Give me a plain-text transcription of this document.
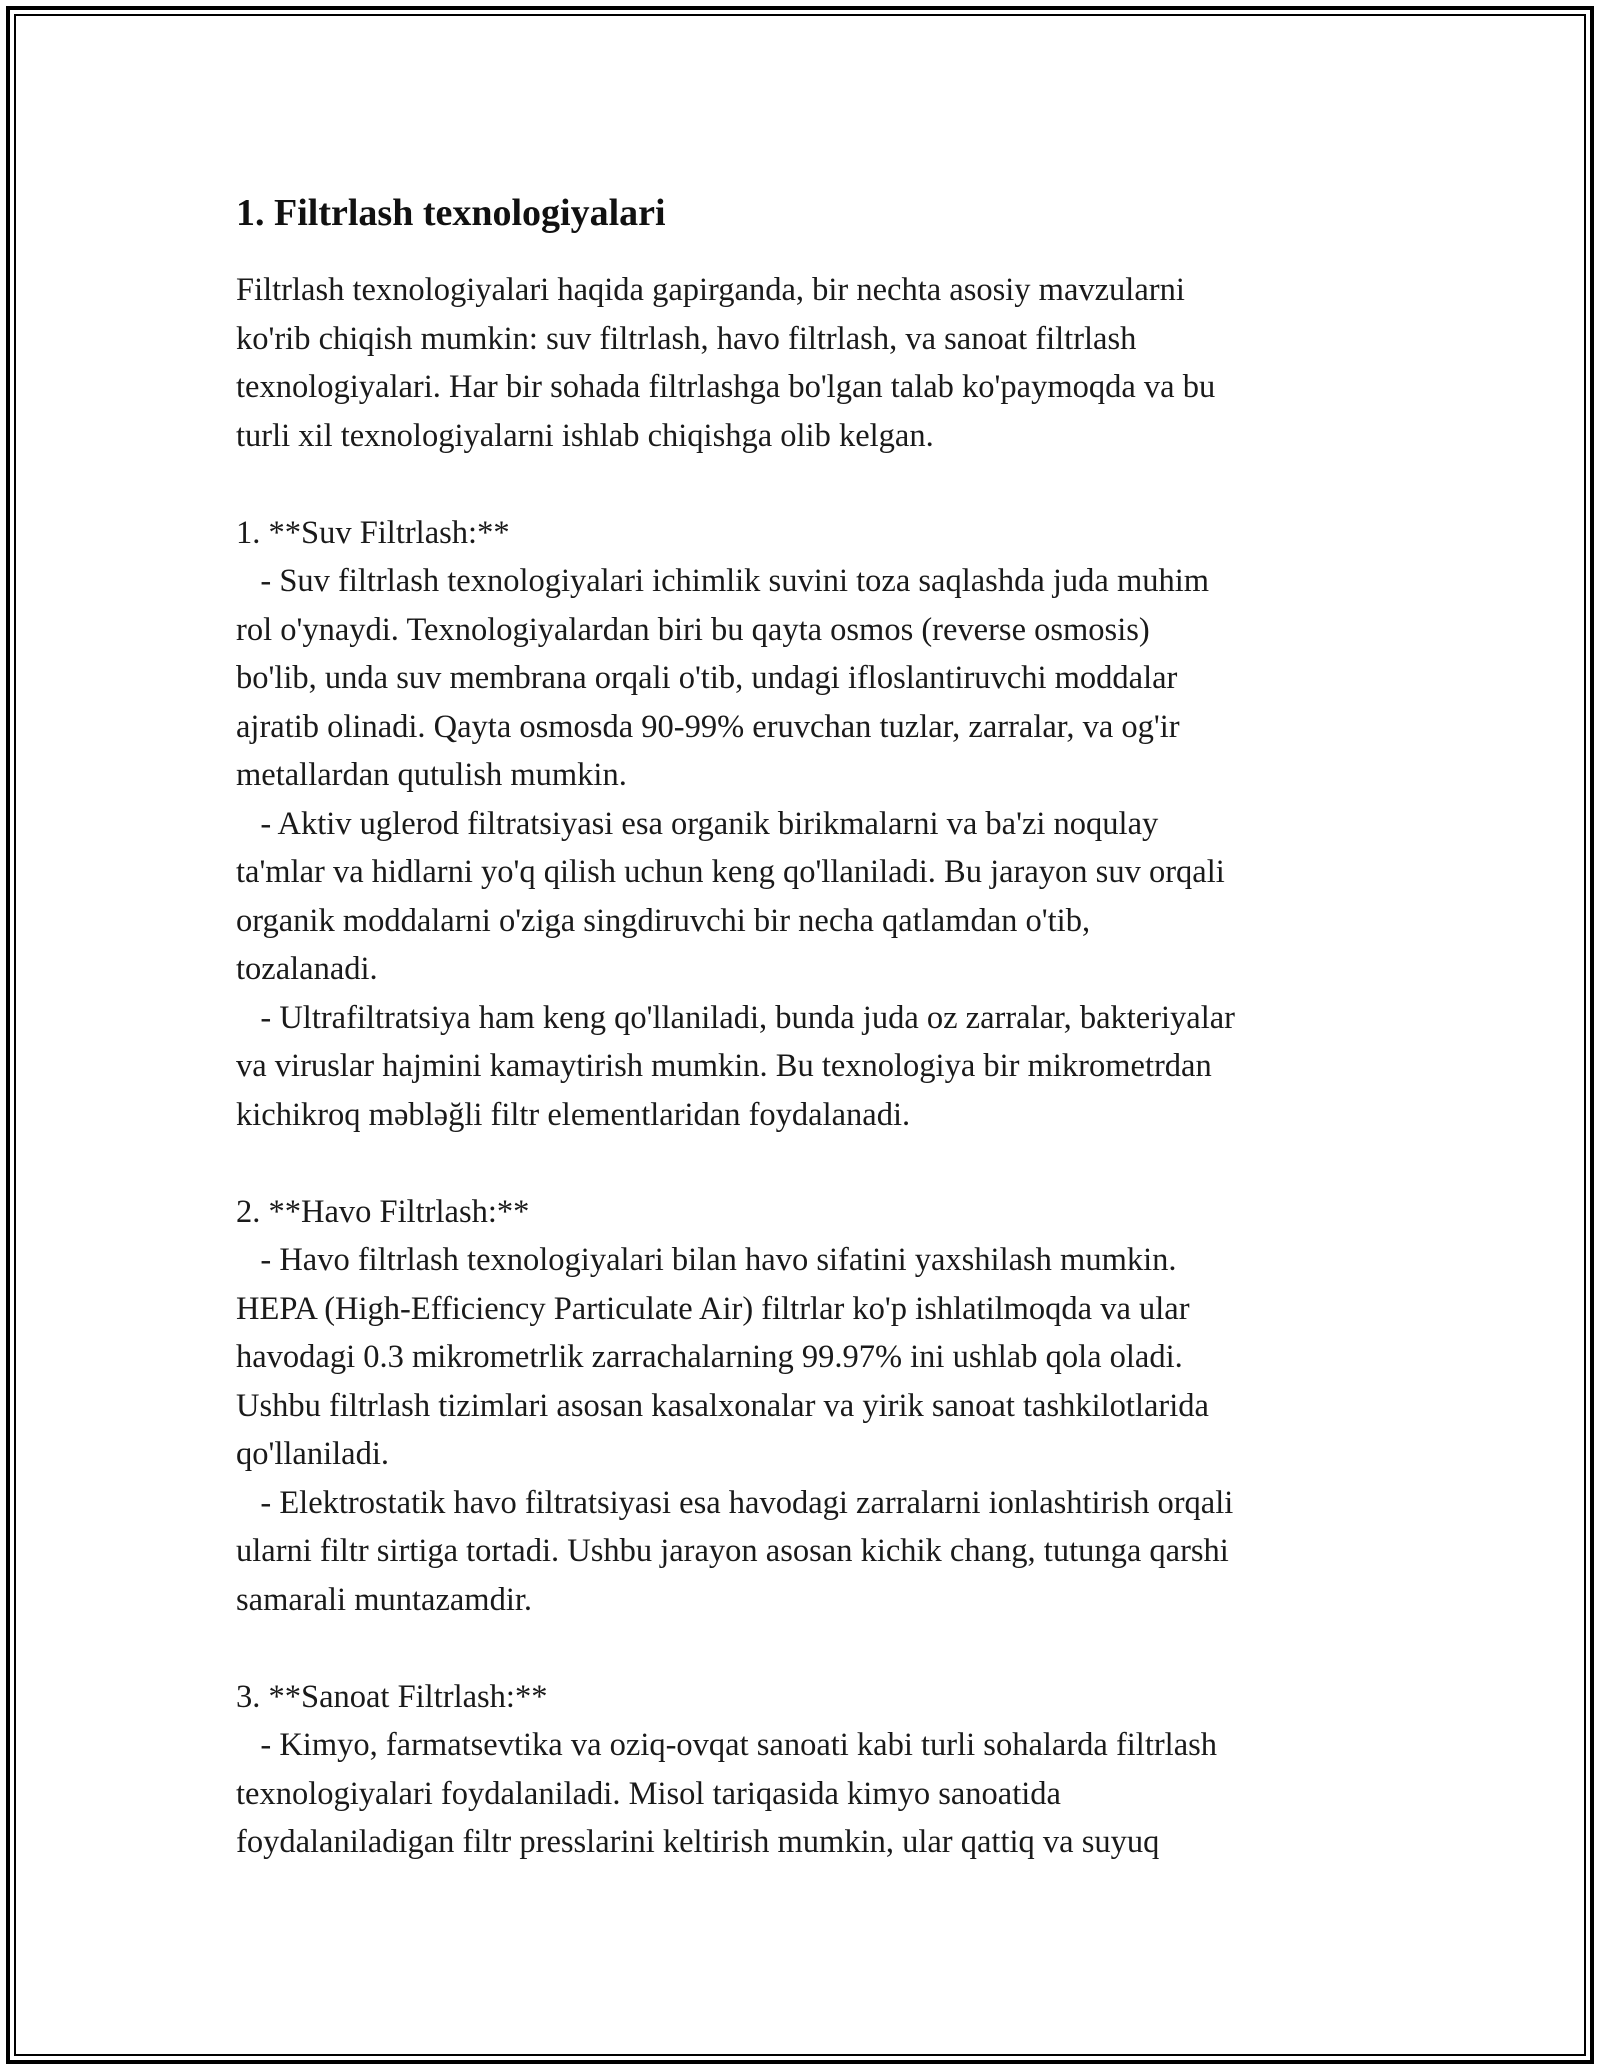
1. Filtrlash texnologiyalari

Filtrlash texnologiyalari haqida gapirganda, bir nechta asosiy mavzularni
ko'rib chiqish mumkin: suv filtrlash, havo filtrlash, va sanoat filtrlash
texnologiyalari. Har bir sohada filtrlashga bo'lgan talab ko'paymoqda va bu
turli xil texnologiyalarni ishlab chiqishga olib kelgan.

1. **Suv Filtrlash:**

- Suv filtrlash texnologiyalari ichimlik suvini toza saqlashda juda muhim
rol o'ynaydi. Texnologiyalardan biri bu qayta osmos (reverse osmosis)
bo'lib, unda suv membrana orqali o'tib, undagi ifloslantiruvchi moddalar
ajratib olinadi. Qayta osmosda 90-99% eruvchan tuzlar, zarralar, va og'ir
metallardan qutulish mumkin.

- Aktiv uglerod filtratsiyasi esa organik birikmalarni va ba'zi noqulay
ta'mlar va hidlarni yo'q qilish uchun keng qo'llaniladi. Bu jarayon suv orqali
organik moddalarni o'ziga singdiruvchi bir necha qatlamdan o'tib,
tozalanadi.

- Ultrafiltratsiya ham keng qo'llaniladi, bunda juda oz zarralar, bakteriyalar
va viruslar hajmini kamaytirish mumkin. Bu texnologiya bir mikrometrdan
kichikroq məbləğli filtr elementlaridan foydalanadi.

2. **Havo Filtrlash:**

- Havo filtrlash texnologiyalari bilan havo sifatini yaxshilash mumkin.
HEPA (High-Efficiency Particulate Air) filtrlar ko'p ishlatilmoqda va ular
havodagi 0.3 mikrometrlik zarrachalarning 99.97% ini ushlab qola oladi.
Ushbu filtrlash tizimlari asosan kasalxonalar va yirik sanoat tashkilotlarida
qo'llaniladi.

- Elektrostatik havo filtratsiyasi esa havodagi zarralarni ionlashtirish orqali
ularni filtr sirtiga tortadi. Ushbu jarayon asosan kichik chang, tutunga qarshi
samarali muntazamdir.

3. **Sanoat Filtrlash:**

- Kimyo, farmatsevtika va oziq-ovqat sanoati kabi turli sohalarda filtrlash
texnologiyalari foydalaniladi. Misol tariqasida kimyo sanoatida
foydalaniladigan filtr presslarini keltirish mumkin, ular qattiq va suyuq
